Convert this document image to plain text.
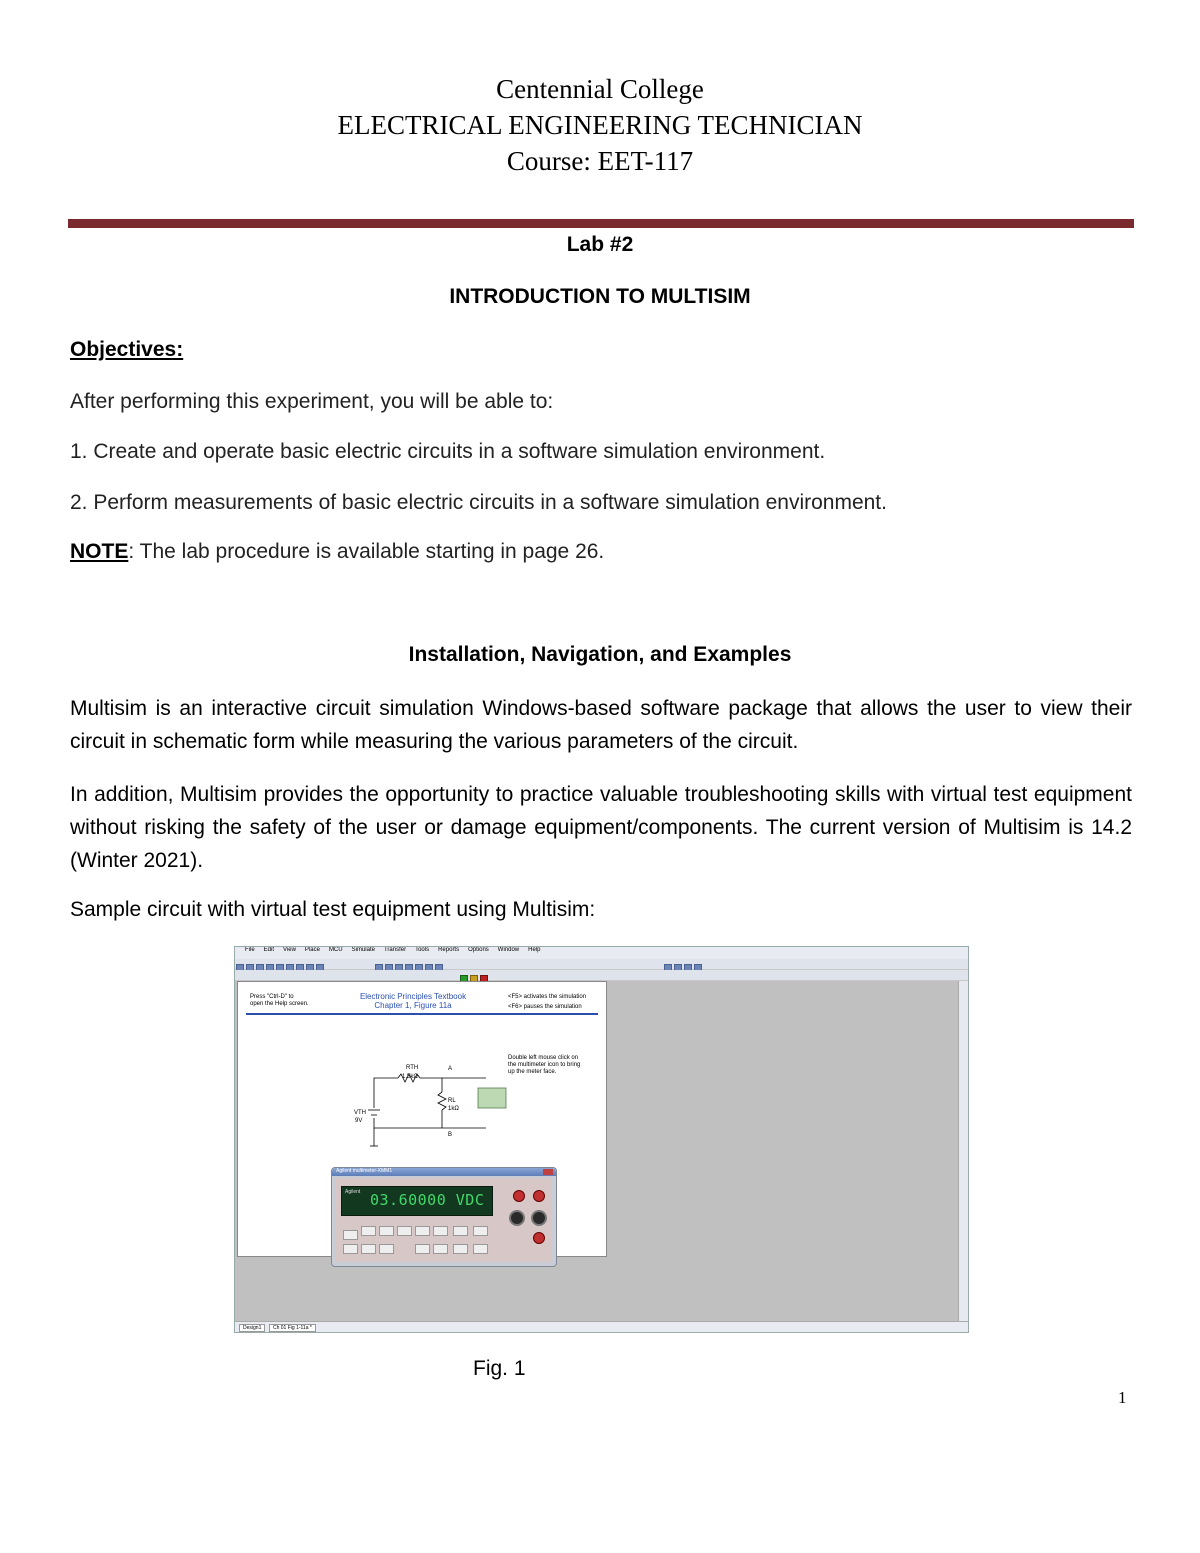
Centennial College
ELECTRICAL ENGINEERING TECHNICIAN
Course: EET-117
Lab #2
INTRODUCTION TO MULTISIM
Objectives:
After performing this experiment, you will be able to:
1. Create and operate basic electric circuits in a software simulation environment.
2. Perform measurements of basic electric circuits in a software simulation environment.
NOTE: The lab procedure is available starting in page 26.
Installation, Navigation, and Examples
Multisim is an interactive circuit simulation Windows-based software package that allows the user to view their circuit in schematic form while measuring the various parameters of the circuit.
In addition, Multisim provides the opportunity to practice valuable troubleshooting skills with virtual test equipment without risking the safety of the user or damage equipment/components. The current version of Multisim is 14.2 (Winter 2021).
Sample circuit with virtual test equipment using Multisim:
File Edit View Place MCU Simulate Transfer Tools Reports Options Window Help

Press "Ctrl-D" to
open the Help screen.
Electronic Principles Textbook
Chapter 1, Figure 11a
<F5> activates the simulation
<F6> pauses the simulation
RTH
1.5kΩ
A
B
VTH
9V
RL
1kΩ
Double left mouse click on
the multimeter icon to bring
up the meter face.
Agilent multimeter-XMM1
Agilent 03.60000 VDC
Design1	Ch 01 Fig 1-11a *
Fig. 1
1
